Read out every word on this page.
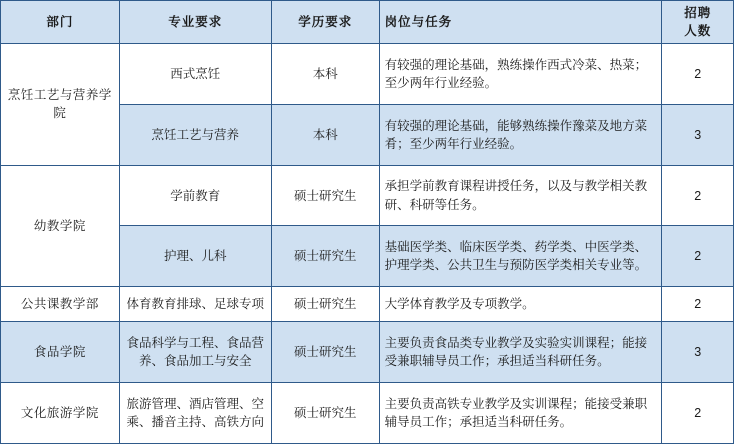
部门	专业要求	学历要求	岗位与任务	招聘
人数

烹饪工艺与营养学院	西式烹饪	本科	有较强的理论基础，熟练操作西式冷菜、热菜；至少两年行业经验。	2
	烹饪工艺与营养	本科	有较强的理论基础，能够熟练操作豫菜及地方菜肴；至少两年行业经验。	3
幼教学院	学前教育	硕士研究生	承担学前教育课程讲授任务，以及与教学相关教研、科研等任务。	2
	护理、儿科	硕士研究生	基础医学类、临床医学类、药学类、中医学类、护理学类、公共卫生与预防医学类相关专业等。	2
公共课教学部	体育教育排球、足球专项	硕士研究生	大学体育教学及专项教学。	2
食品学院	食品科学与工程、食品营养、食品加工与安全	硕士研究生	主要负责食品类专业教学及实验实训课程；能接受兼职辅导员工作；承担适当科研任务。	3
文化旅游学院	旅游管理、酒店管理、空乘、播音主持、高铁方向	硕士研究生	主要负责高铁专业教学及实训课程；能接受兼职辅导员工作；承担适当科研任务。	2
